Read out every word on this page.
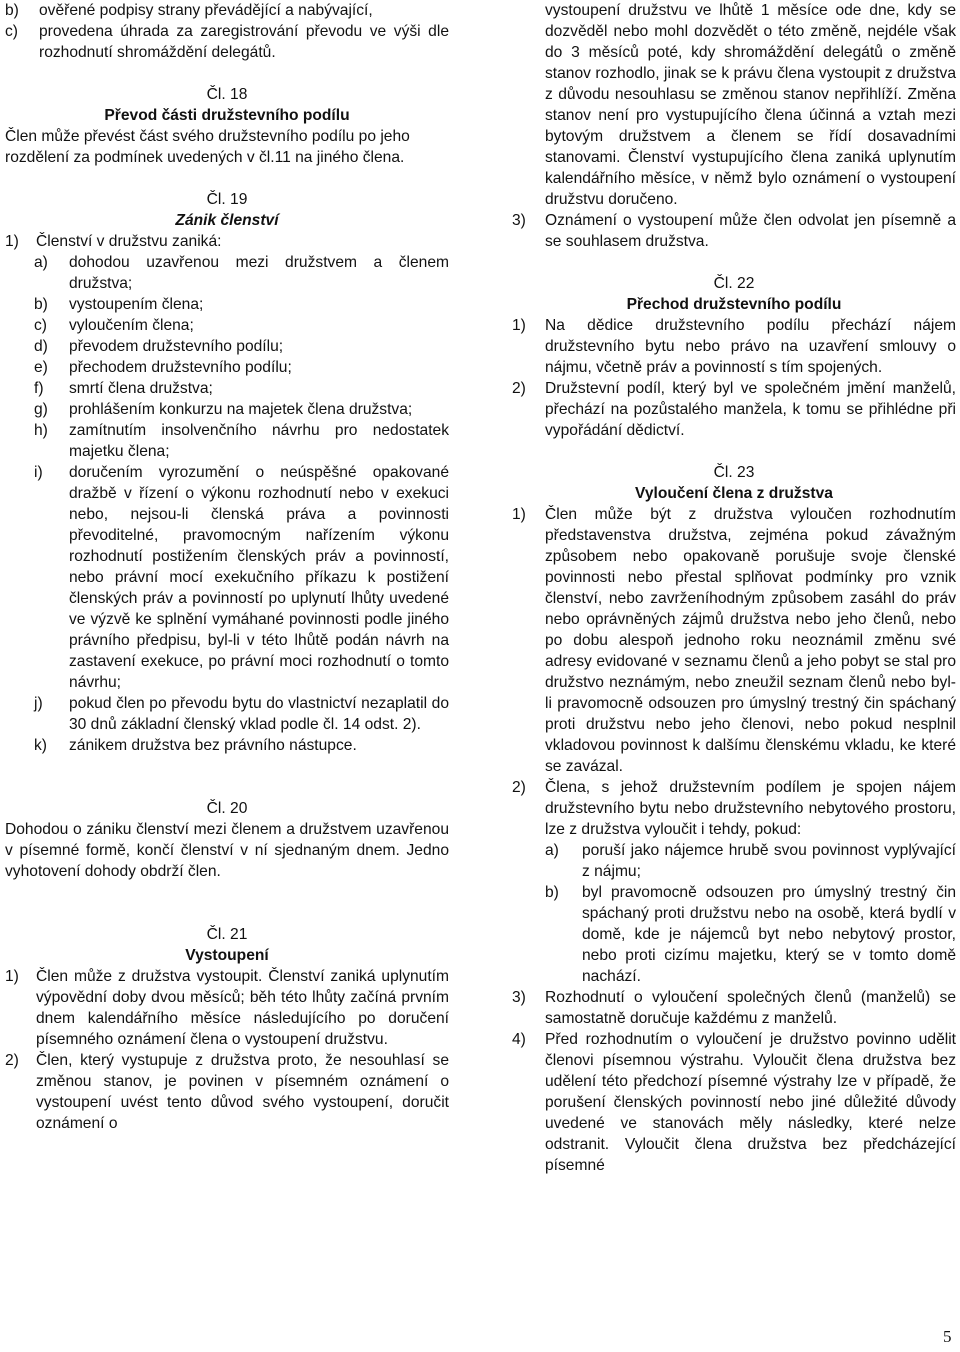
b)	ověřené podpisy strany převádějící a nabývající,
c)	provedena úhrada za zaregistrování převodu ve výši dle rozhodnutí shromáždění delegátů.

Čl. 18

Převod části družstevního podílu

Člen může převést část svého družstevního podílu po jeho rozdělení za podmínek uvedených v čl.11 na jiného člena.

Čl. 19

Zánik členství

1)	Členství v družstvu zaniká:
a)	dohodou uzavřenou mezi družstvem a členem družstva;
b)	vystoupením člena;
c)	vyloučením člena;
d)	převodem družstevního podílu;
e)	přechodem družstevního podílu;
f)	smrtí člena družstva;
g)	prohlášením konkurzu na majetek člena družstva;
h)	zamítnutím insolvenčního návrhu pro nedostatek majetku člena;
i)	doručením vyrozumění o neúspěšné opakované dražbě v řízení o výkonu rozhodnutí nebo v exekuci nebo, nejsou-li členská práva a povinnosti převoditelné, pravomocným nařízením výkonu rozhodnutí postižením členských práv a povinností, nebo právní mocí exekučního příkazu k postižení členských práv a povinností po uplynutí lhůty uvedené ve výzvě ke splnění vymáhané povinnosti podle jiného právního předpisu, byl-li v této lhůtě podán návrh na zastavení exekuce, po právní moci rozhodnutí o tomto návrhu;
j)	pokud člen po převodu bytu do vlastnictví nezaplatil do 30 dnů základní členský vklad podle čl. 14 odst. 2).
k)	zánikem družstva bez právního nástupce.

Čl. 20

Dohodou o zániku členství mezi členem a družstvem uzavřenou v písemné formě, končí členství v ní sjednaným dnem. Jedno vyhotovení dohody obdrží člen.

Čl. 21

Vystoupení

1)	Člen může z družstva vystoupit. Členství zaniká uplynutím výpovědní doby dvou měsíců; běh této lhůty začíná prvním dnem kalendářního měsíce následujícího po doručení písemného oznámení člena o vystoupení družstvu.
2)	Člen, který vystupuje z družstva proto, že nesouhlasí se změnou stanov, je povinen v písemném oznámení o vystoupení uvést tento důvod svého vystoupení, doručit oznámení o
vystoupení družstvu ve lhůtě 1 měsíce ode dne, kdy se dozvěděl nebo mohl dozvědět o této změně, nejdéle však do 3 měsíců poté, kdy shromáždění delegátů o změně stanov rozhodlo, jinak se k právu člena vystoupit z družstva z důvodu nesouhlasu se změnou stanov nepřihlíží. Změna stanov není pro vystupujícího člena účinná a vztah mezi bytovým družstvem a členem se řídí dosavadními stanovami. Členství vystupujícího člena zaniká uplynutím kalendářního měsíce, v němž bylo oznámení o vystoupení družstvu doručeno.
3)	Oznámení o vystoupení může člen odvolat jen písemně a se souhlasem družstva.

Čl. 22

Přechod družstevního podílu

1)	Na dědice družstevního podílu přechází nájem družstevního bytu nebo právo na uzavření smlouvy o nájmu, včetně práv a povinností s tím spojených.
2)	Družstevní podíl, který byl ve společném jmění manželů, přechází na pozůstalého manžela, k tomu se přihlédne při vypořádání dědictví.

Čl. 23

Vyloučení člena z družstva

1)	Člen může být z družstva vyloučen rozhodnutím představenstva družstva, zejména pokud závažným způsobem nebo opakovaně porušuje svoje členské povinnosti nebo přestal splňovat podmínky pro vznik členství, nebo zavrženíhodným způsobem zasáhl do práv nebo oprávněných zájmů družstva nebo jeho členů, nebo po dobu alespoň jednoho roku neoznámil změnu své adresy evidované v seznamu členů a jeho pobyt se stal pro družstvo neznámým, nebo zneužil seznam členů nebo byl-li pravomocně odsouzen pro úmyslný trestný čin spáchaný proti družstvu nebo jeho členovi, nebo pokud nesplnil vkladovou povinnost k dalšímu členskému vkladu, ke které se zavázal.
2)	Člena, s jehož družstevním podílem je spojen nájem družstevního bytu nebo družstevního nebytového prostoru, lze z družstva vyloučit i tehdy, pokud:
a)	poruší jako nájemce hrubě svou povinnost vyplývající z nájmu;
b)	byl pravomocně odsouzen pro úmyslný trestný čin spáchaný proti družstvu nebo na osobě, která bydlí v domě, kde je nájemců byt nebo nebytový prostor, nebo proti cizímu majetku, který se v tomto domě nachází.
3)	Rozhodnutí o vyloučení společných členů (manželů) se samostatně doručuje každému z manželů.
4)	Před rozhodnutím o vyloučení je družstvo povinno udělit členovi písemnou výstrahu. Vyloučit člena družstva bez udělení této předchozí písemné výstrahy lze v případě, že porušení členských povinností nebo jiné důležité důvody uvedené ve stanovách měly následky, které nelze odstranit. Vyloučit člena družstva bez předcházející písemné
5
